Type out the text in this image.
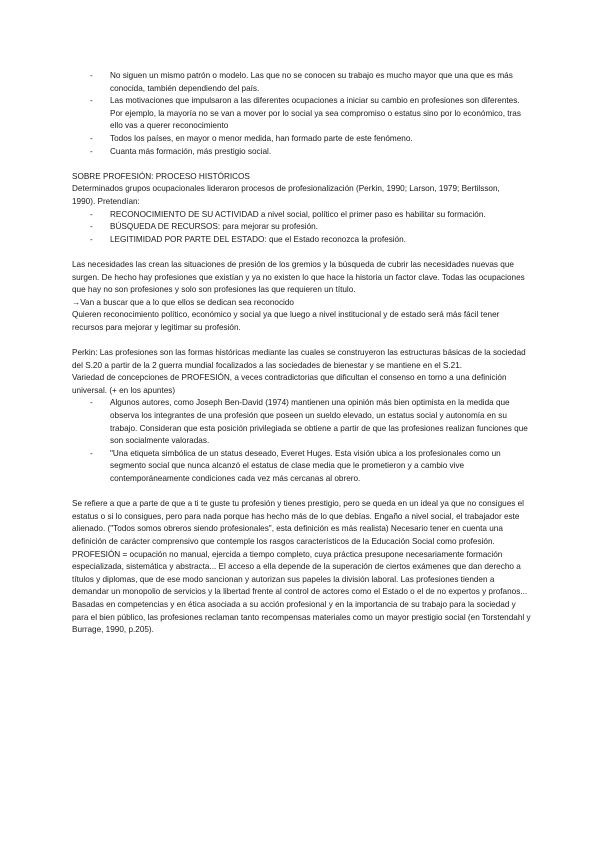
- No siguen un mismo patrón o modelo. Las que no se conocen su trabajo es mucho mayor que una que es más conocida, también dependiendo del país.

- Las motivaciones que impulsaron a las diferentes ocupaciones a iniciar su cambio en profesiones son diferentes. Por ejemplo, la mayoría no se van a mover por lo social ya sea compromiso o estatus sino por lo económico, tras ello vas a querer reconocimiento

- Todos los países, en mayor o menor medida, han formado parte de este fenómeno.

- Cuanta más formación, más prestigio social.

SOBRE PROFESIÓN: PROCESO HISTÓRICOS

Determinados grupos ocupacionales lideraron procesos de profesionalización (Perkin, 1990; Larson, 1979; Bertilsson,

1990). Pretendían:

- RECONOCIMIENTO DE SU ACTIVIDAD a nivel social, político el primer paso es habilitar su formación.

- BÚSQUEDA DE RECURSOS: para mejorar su profesión.

- LEGITIMIDAD POR PARTE DEL ESTADO: que el Estado reconozca la profesión.

Las necesidades las crean las situaciones de presión de los gremios y la búsqueda de cubrir las necesidades nuevas que surgen. De hecho hay profesiones que existían y ya no existen lo que hace la historia un factor clave. Todas las ocupaciones que hay no son profesiones y solo son profesiones las que requieren un título.

→Van a buscar que a lo que ellos se dedican sea reconocido

Quieren reconocimiento político, económico y social ya que luego a nivel institucional y de estado será más fácil tener recursos para mejorar y legitimar su profesión.

Perkin: Las profesiones son las formas históricas mediante las cuales se construyeron las estructuras básicas de la sociedad del S.20 a partir de la 2 guerra mundial focalizados a las sociedades de bienestar y se mantiene en el S.21.

Variedad de concepciones de PROFESIÓN, a veces contradictorias que dificultan el consenso en torno a una definición universal. (+ en los apuntes)

- Algunos autores, como Joseph Ben-David (1974) mantienen una opinión más bien optimista en la medida que observa los integrantes de una profesión que poseen un sueldo elevado, un estatus social y autonomía en su trabajo. Consideran que esta posición privilegiada se obtiene a partir de que las profesiones realizan funciones que son socialmente valoradas.

- "Una etiqueta simbólica de un status deseado, Everet Huges. Esta visión ubica a los profesionales como un segmento social que nunca alcanzó el estatus de clase media que le prometieron y a cambio vive contemporáneamente condiciones cada vez más cercanas al obrero.

Se refiere a que a parte de que a ti te guste tu profesión y tienes prestigio, pero se queda en un ideal ya que no consigues el estatus o si lo consigues, pero para nada porque has hecho más de lo que debías. Engaño a nivel social, el trabajador este alienado. ("Todos somos obreros siendo profesionales", esta definición es más realista) Necesario tener en cuenta una definición de carácter comprensivo que contemple los rasgos característicos de la Educación Social como profesión.

PROFESIÓN = ocupación no manual, ejercida a tiempo completo, cuya práctica presupone necesariamente formación especializada, sistemática y abstracta... El acceso a ella depende de la superación de ciertos exámenes que dan derecho a títulos y diplomas, que de ese modo sancionan y autorizan sus papeles la división laboral. Las profesiones tienden a demandar un monopolio de servicios y la libertad frente al control de actores como el Estado o el de no expertos y profanos... Basadas en competencias y en ética asociada a su acción profesional y en la importancia de su trabajo para la sociedad y para el bien público, las profesiones reclaman tanto recompensas materiales como un mayor prestigio social (en Torstendahl y Burrage, 1990, p.205).
